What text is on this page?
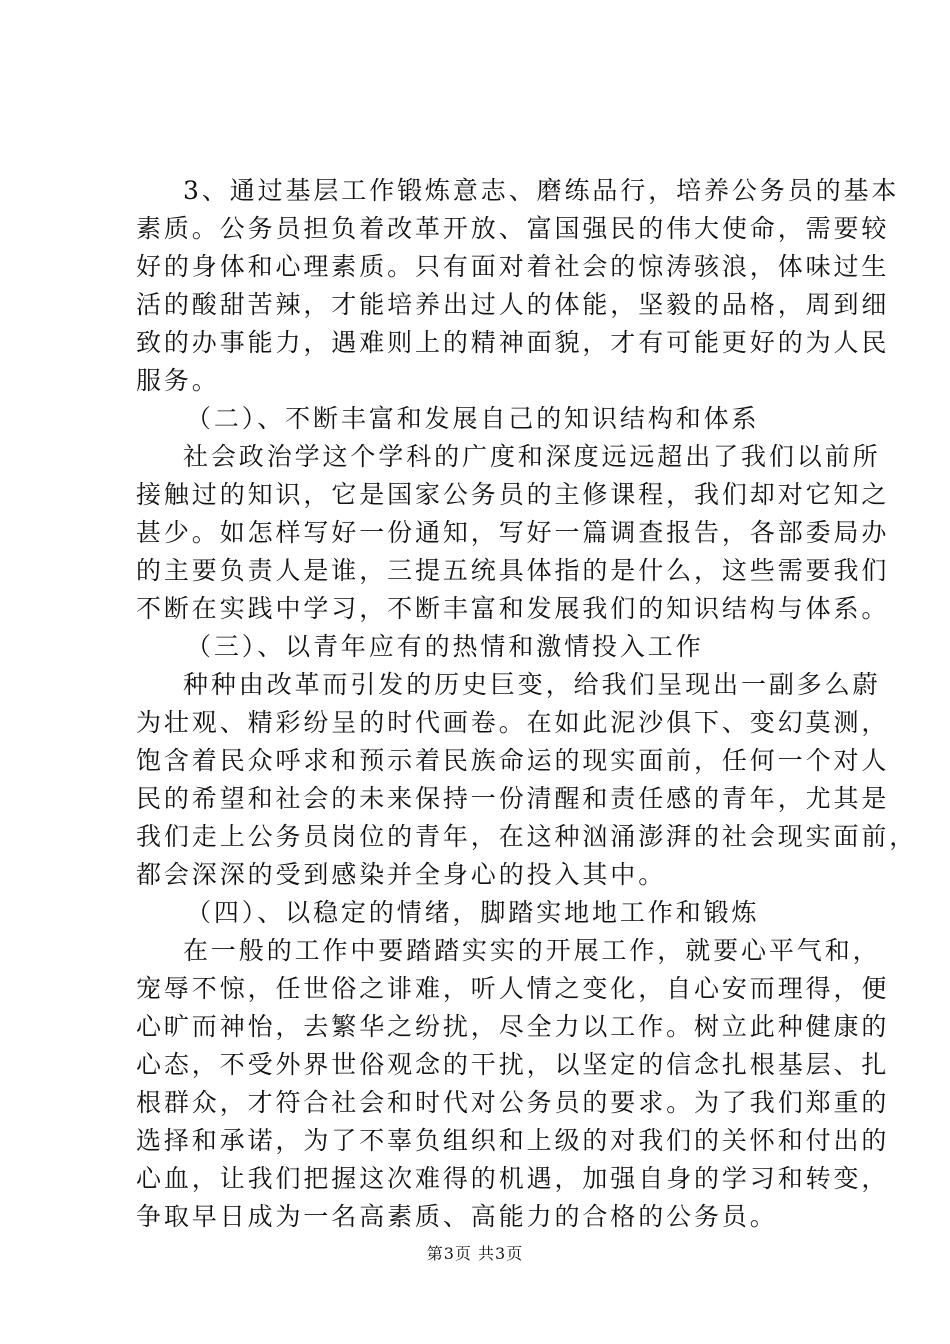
3、通过基层工作锻炼意志、磨练品行，培养公务员的基本
素质。公务员担负着改革开放、富国强民的伟大使命，需要较
好的身体和心理素质。只有面对着社会的惊涛骇浪，体味过生
活的酸甜苦辣，才能培养出过人的体能，坚毅的品格，周到细
致的办事能力，遇难则上的精神面貌，才有可能更好的为人民
服务。
（二）、不断丰富和发展自己的知识结构和体系
社会政治学这个学科的广度和深度远远超出了我们以前所
接触过的知识，它是国家公务员的主修课程，我们却对它知之
甚少。如怎样写好一份通知，写好一篇调查报告，各部委局办
的主要负责人是谁，三提五统具体指的是什么，这些需要我们
不断在实践中学习，不断丰富和发展我们的知识结构与体系。
（三）、以青年应有的热情和激情投入工作
种种由改革而引发的历史巨变，给我们呈现出一副多么蔚
为壮观、精彩纷呈的时代画卷。在如此泥沙俱下、变幻莫测，
饱含着民众呼求和预示着民族命运的现实面前，任何一个对人
民的希望和社会的未来保持一份清醒和责任感的青年，尤其是
我们走上公务员岗位的青年，在这种汹涌澎湃的社会现实面前，
都会深深的受到感染并全身心的投入其中。
（四）、以稳定的情绪，脚踏实地地工作和锻炼
在一般的工作中要踏踏实实的开展工作，就要心平气和，
宠辱不惊，任世俗之诽难，听人情之变化，自心安而理得，便
心旷而神怡，去繁华之纷扰，尽全力以工作。树立此种健康的
心态，不受外界世俗观念的干扰，以坚定的信念扎根基层、扎
根群众，才符合社会和时代对公务员的要求。为了我们郑重的
选择和承诺，为了不辜负组织和上级的对我们的关怀和付出的
心血，让我们把握这次难得的机遇，加强自身的学习和转变，
争取早日成为一名高素质、高能力的合格的公务员。
第3页 共3页
